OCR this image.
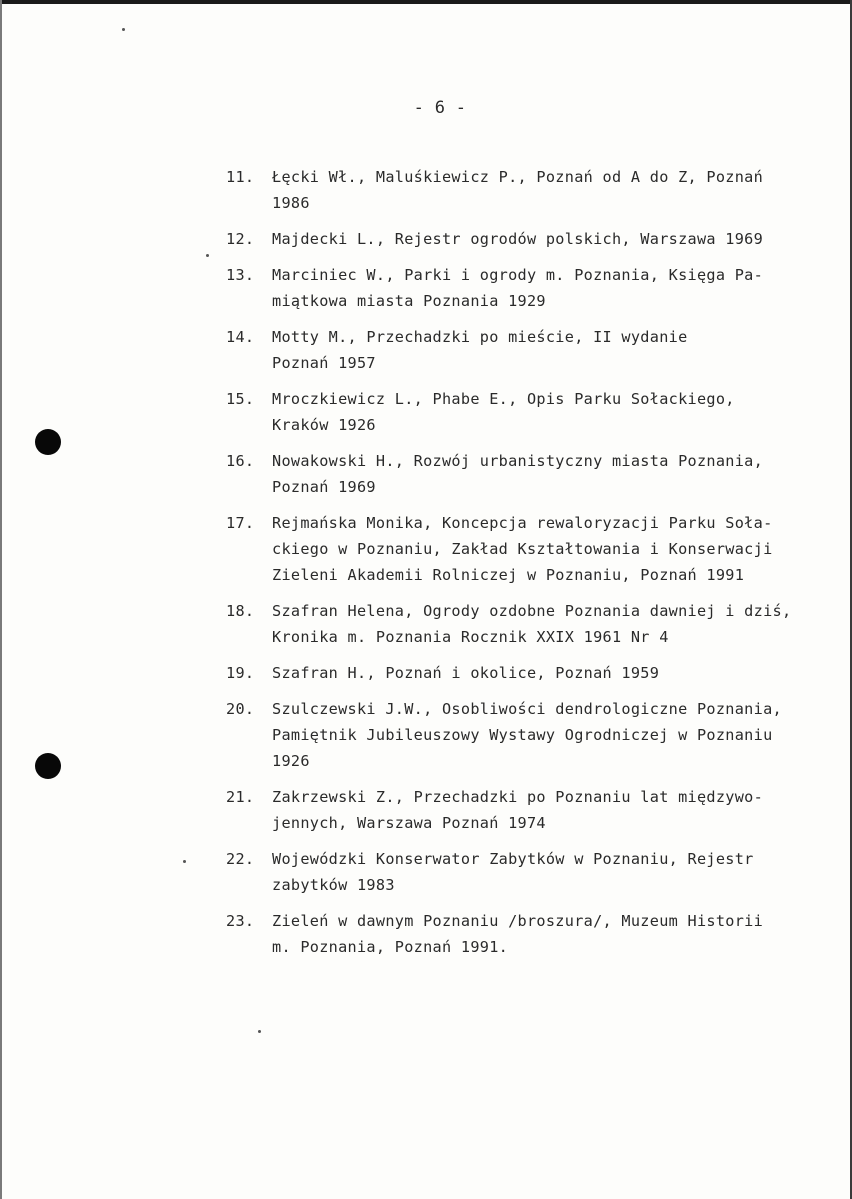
- 6 -
11.	Łęcki Wł., Maluśkiewicz P., Poznań od A do Z, Poznań
1986
12.	Majdecki L., Rejestr ogrodów polskich, Warszawa 1969
13.	Marciniec W., Parki i ogrody m. Poznania, Księga Pa-
miątkowa miasta Poznania 1929
14.	Motty M., Przechadzki po mieście, II wydanie
Poznań 1957
15.	Mroczkiewicz L., Phabe E., Opis Parku Sołackiego,
Kraków 1926
16.	Nowakowski H., Rozwój urbanistyczny miasta Poznania,
Poznań 1969
17.	Rejmańska Monika, Koncepcja rewaloryzacji Parku Soła-
ckiego w Poznaniu, Zakład Kształtowania i Konserwacji
Zieleni Akademii Rolniczej w Poznaniu, Poznań 1991
18.	Szafran Helena, Ogrody ozdobne Poznania dawniej i dziś,
Kronika m. Poznania Rocznik XXIX 1961 Nr 4
19.	Szafran H., Poznań i okolice, Poznań 1959
20.	Szulczewski J.W., Osobliwości dendrologiczne Poznania,
Pamiętnik Jubileuszowy Wystawy Ogrodniczej w Poznaniu
1926
21.	Zakrzewski Z., Przechadzki po Poznaniu lat międzywo-
jennych, Warszawa Poznań 1974
22.	Wojewódzki Konserwator Zabytków w Poznaniu, Rejestr
zabytków 1983
23.	Zieleń w dawnym Poznaniu /broszura/, Muzeum Historii
m. Poznania, Poznań 1991.
